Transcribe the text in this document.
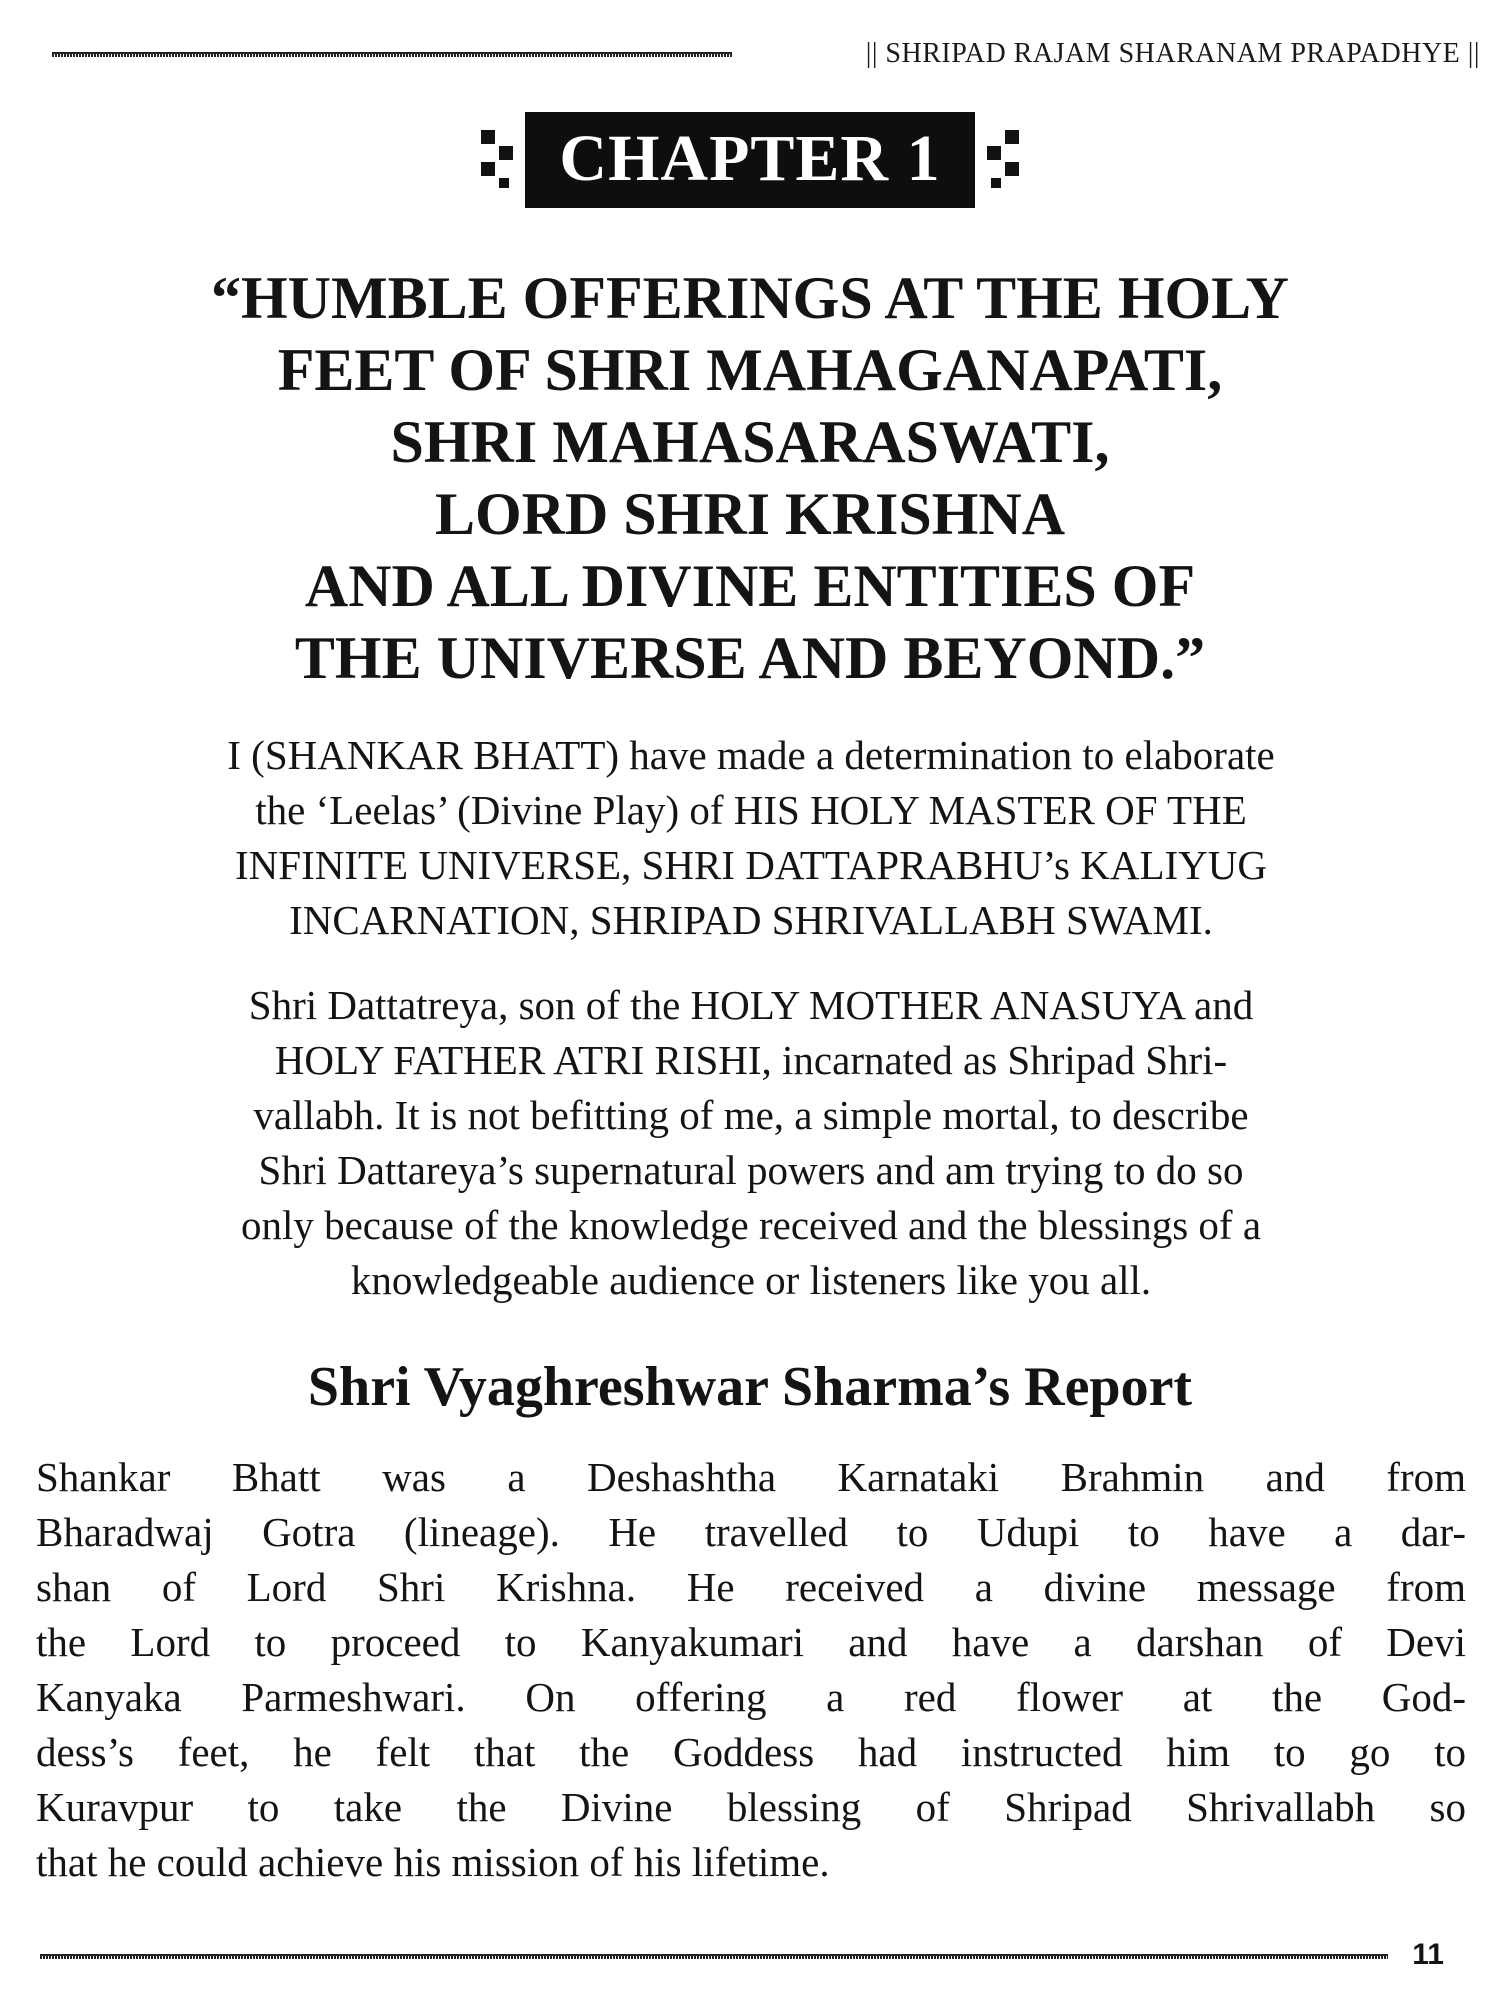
|| SHRIPAD RAJAM SHARANAM PRAPADHYE ||
CHAPTER 1
“HUMBLE OFFERINGS AT THE HOLY
FEET OF SHRI MAHAGANAPATI,
SHRI MAHASARASWATI,
LORD SHRI KRISHNA
AND ALL DIVINE ENTITIES OF
THE UNIVERSE AND BEYOND.”
I (SHANKAR BHATT) have made a determination to elaborate
the ‘Leelas’ (Divine Play) of HIS HOLY MASTER OF THE
INFINITE UNIVERSE, SHRI DATTAPRABHU’s KALIYUG
INCARNATION, SHRIPAD SHRIVALLABH SWAMI.
Shri Dattatreya, son of the HOLY MOTHER ANASUYA and
HOLY FATHER ATRI RISHI, incarnated as Shripad Shri-
vallabh. It is not befitting of me, a simple mortal, to describe
Shri Dattareya’s supernatural powers and am trying to do so
only because of the knowledge received and the blessings of a
knowledgeable audience or listeners like you all.
Shri Vyaghreshwar Sharma’s Report
Shankar Bhatt was a Deshashtha Karnataki Brahmin and from
Bharadwaj Gotra (lineage). He travelled to Udupi to have a dar-
shan of Lord Shri Krishna. He received a divine message from
the Lord to proceed to Kanyakumari and have a darshan of Devi
Kanyaka Parmeshwari. On offering a red flower at the God-
dess’s feet, he felt that the Goddess had instructed him to go to
Kuravpur to take the Divine blessing of Shripad Shrivallabh so
that he could achieve his mission of his lifetime.
11
